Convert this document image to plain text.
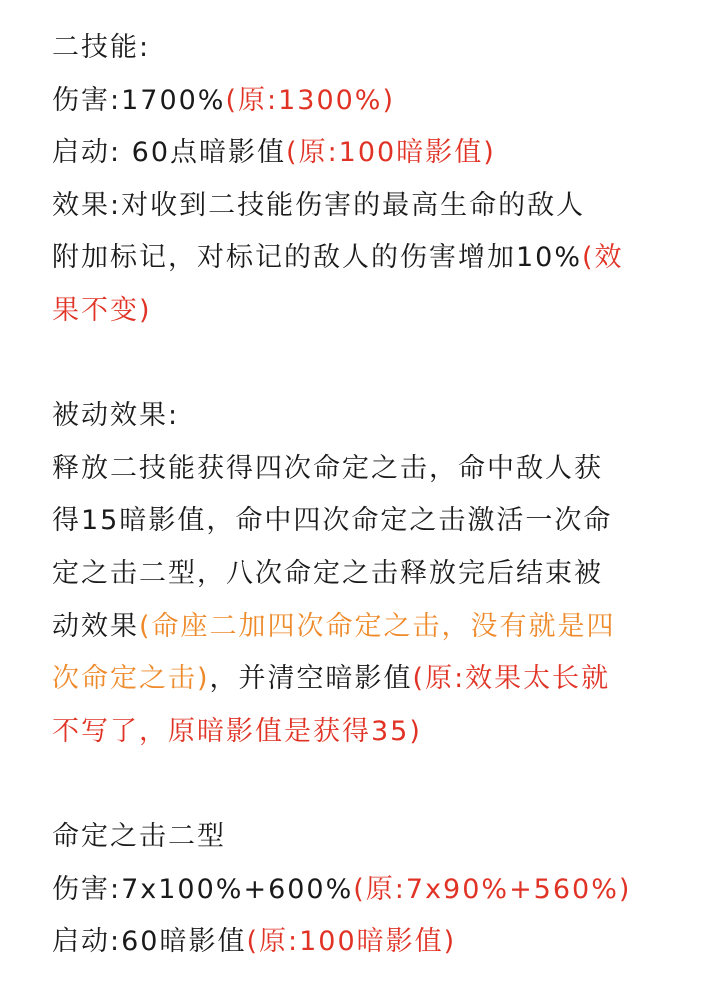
二技能:
伤害:1700%(原:1300%)
启动: 60点暗影值(原:100暗影值)
效果:对收到二技能伤害的最高生命的敌人
附加标记，对标记的敌人的伤害增加10%(效
果不变)
被动效果:
释放二技能获得四次命定之击，命中敌人获
得15暗影值，命中四次命定之击激活一次命
定之击二型，八次命定之击释放完后结束被
动效果(命座二加四次命定之击，没有就是四
次命定之击)，并清空暗影值(原:效果太长就
不写了，原暗影值是获得35)
命定之击二型
伤害:7x100%+600%(原:7x90%+560%)
启动:60暗影值(原:100暗影值)
